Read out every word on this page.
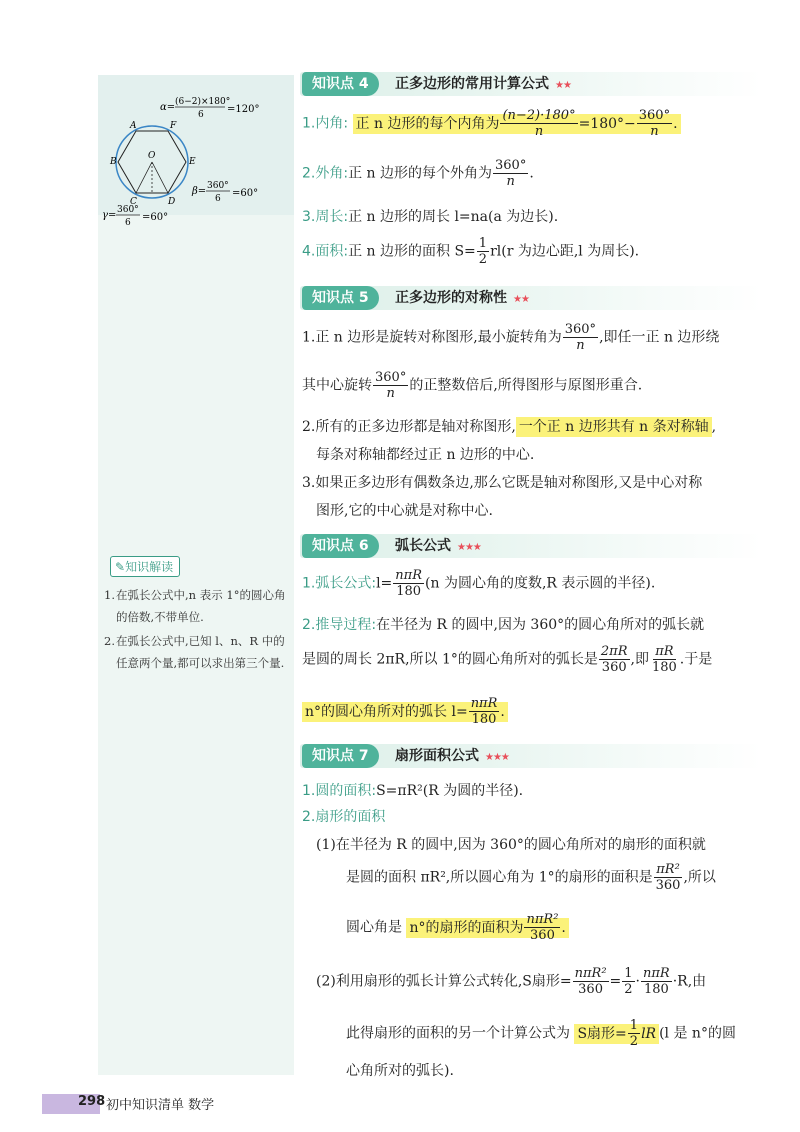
α= (6−2)×180°
6 =120°
A	F
B	E
C	D
O
β= 360°
6 =60°
γ= 360°
6 =60°
✎知识解读
1. 在弧长公式中,n 表示 1°的圆心角的倍数,不带单位.
2. 在弧长公式中,已知 l、n、R 中的任意两个量,都可以求出第三个量.
知识点 4	正多边形的常用计算公式 ★★
1.内角: 正 n 边形的每个内角为 $\frac{(n-2)\cdot 180^\circ}{n} =180^\circ- \frac{360^\circ}{n}$ .
2.外角:正 n 边形的每个外角为 $\frac{360^\circ}{n}$ .
3.周长:正 n 边形的周长 l=na(a 为边长).
4.面积:正 n 边形的面积 $S= \frac{1}{2} rl(r$ 为边心距,l 为周长).
知识点 5	正多边形的对称性 ★★
1.正 n 边形是旋转对称图形,最小旋转角为 $\frac{360^\circ}{n}$ ,即任一正 n 边形绕
其中心旋转 $\frac{360^\circ}{n}$ 的正整数倍后,所得图形与原图形重合.
2.所有的正多边形都是轴对称图形, 一个正 n 边形共有 n 条对称轴 ,
每条对称轴都经过正 n 边形的中心.
3.如果正多边形有偶数条边,那么它既是轴对称图形,又是中心对称
图形,它的中心就是对称中心.
知识点 6	弧长公式 ★★★
1.弧长公式:l= $\frac{\text{nπR}}{180} (n$ 为圆心角的度数,R 表示圆的半径).
2.推导过程:在半径为 R 的圆中,因为 360°的圆心角所对的弧长就
是圆的周长 2πR,所以 1°的圆心角所对的弧长是 $\frac{2\pi R}{360}$ ,即 $\frac{\pi R}{180}$ .于是
n°的圆心角所对的弧长 $l= \frac{\text{nπR}}{180}$ .
知识点 7	扇形面积公式 ★★★
1.圆的面积:S=πR²(R 为圆的半径).
2.扇形的面积
(1)在半径为 R 的圆中,因为 360°的圆心角所对的扇形的面积就
是圆的面积 πR²,所以圆心角为 1°的扇形的面积是 $\frac{\text{πR²}}{360}$ ,所以
圆心角是 n°的扇形的面积为 $\frac{\text{nπR²}}{360}$ .
(2)利用扇形的弧长计算公式转化,S扇形= $\frac{\text{nπR²}}{360} = \frac{1}{2} \cdot \frac{\text{nπR}}{180} \cdot R$,由
此得扇形的面积的另一个计算公式为 S扇形= $\frac{1}{2}$ lR (l 是 n°的圆
心角所对的弧长).
298 初中知识清单 数学
